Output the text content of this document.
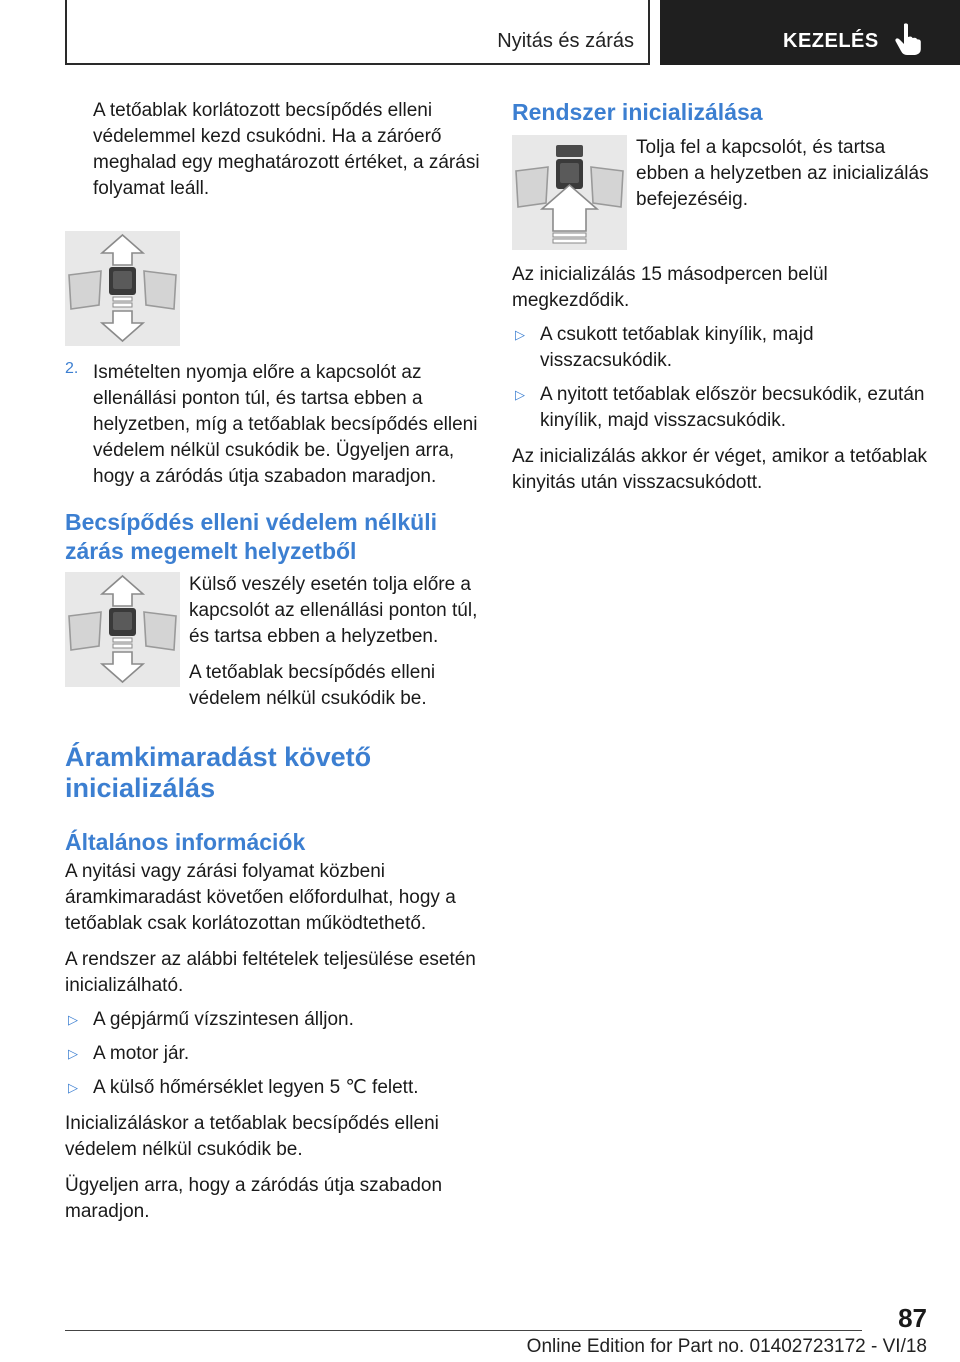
Nyitás és zárás	KEZELÉS

A tetőablak korlátozott becsípődés elleni védelemmel kezd csukódni. Ha a záróerő meghalad egy meghatározott értéket, a zárási folyamat leáll.

2. Ismételten nyomja előre a kapcsolót az ellenállási ponton túl, és tartsa ebben a helyzetben, míg a tetőablak becsípődés elleni védelem nélkül csukódik be. Ügyeljen arra, hogy a záródás útja szabadon maradjon.

Becsípődés elleni védelem nélküli zárás megemelt helyzetből

Külső veszély esetén tolja előre a kapcsolót az ellenállási ponton túl, és tartsa ebben a helyzetben.

A tetőablak becsípődés elleni védelem nélkül csukódik be.

Áramkimaradást követő inicializálás
Általános információk

A nyitási vagy zárási folyamat közbeni áramkimaradást követően előfordulhat, hogy a tetőablak csak korlátozottan működtethető.

A rendszer az alábbi feltételek teljesülése esetén inicializálható.

▷ A gépjármű vízszintesen álljon.
▷ A motor jár.
▷ A külső hőmérséklet legyen 5 ℃ felett.

Inicializáláskor a tetőablak becsípődés elleni védelem nélkül csukódik be.

Ügyeljen arra, hogy a záródás útja szabadon maradjon.

Rendszer inicializálása

Tolja fel a kapcsolót, és tartsa ebben a helyzetben az inicializálás befejezéséig.

Az inicializálás 15 másodpercen belül megkezdődik.

▷ A csukott tetőablak kinyílik, majd visszacsukódik.
▷ A nyitott tetőablak először becsukódik, ezután kinyílik, majd visszacsukódik.

Az inicializálás akkor ér véget, amikor a tetőablak kinyitás után visszacsukódott.

87
Online Edition for Part no. 01402723172 - VI/18
